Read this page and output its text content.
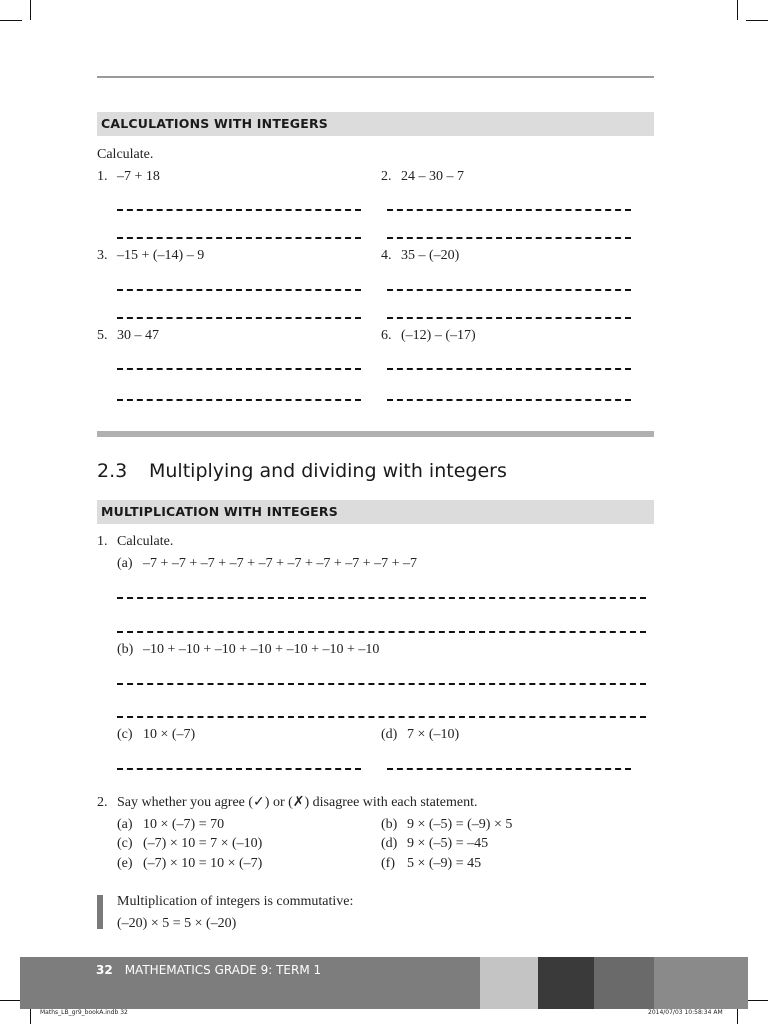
CALCULATIONS WITH INTEGERS
Calculate.
1. –7 + 18	2. 24 – 30 – 7
3. –15 + (–14) – 9	4. 35 – (–20)
5. 30 – 47	6. (–12) – (–17)
2.3 Multiplying and dividing with integers
MULTIPLICATION WITH INTEGERS
1. Calculate.
(a) –7 + –7 + –7 + –7 + –7 + –7 + –7 + –7 + –7 + –7
(b) –10 + –10 + –10 + –10 + –10 + –10 + –10
(c) 10 × (–7)	(d) 7 × (–10)
2. Say whether you agree (✓) or (✗) disagree with each statement.
(a) 10 × (–7) = 70	(b) 9 × (–5) = (–9) × 5
(c) (–7) × 10 = 7 × (–10)	(d) 9 × (–5) = –45
(e) (–7) × 10 = 10 × (–7)	(f) 5 × (–9) = 45
Multiplication of integers is commutative:
(–20) × 5 = 5 × (–20)
32 MATHEMATICS GRADE 9: TERM 1
Maths_LB_gr9_bookA.indb 32	2014/07/03 10:58:34 AM
